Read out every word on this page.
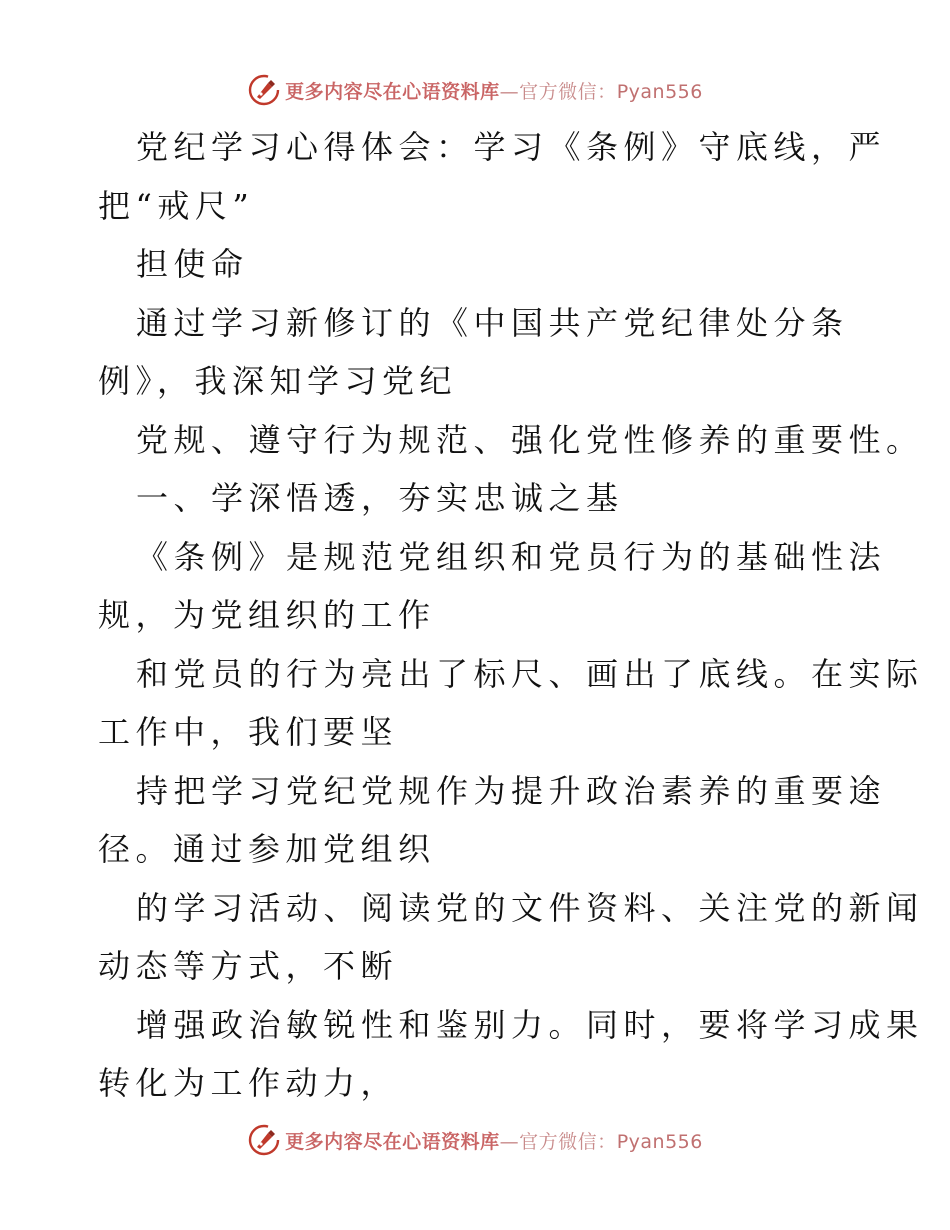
更多内容尽在心语资料库—官方微信：Pyan556
党纪学习心得体会：学习《条例》守底线，严
把“戒尺”
担使命
通过学习新修订的《中国共产党纪律处分条
例》，我深知学习党纪
党规、遵守行为规范、强化党性修养的重要性。
一、学深悟透，夯实忠诚之基
《条例》是规范党组织和党员行为的基础性法
规，为党组织的工作
和党员的行为亮出了标尺、画出了底线。在实际
工作中，我们要坚
持把学习党纪党规作为提升政治素养的重要途
径。通过参加党组织
的学习活动、阅读党的文件资料、关注党的新闻
动态等方式，不断
增强政治敏锐性和鉴别力。同时，要将学习成果
转化为工作动力，
更多内容尽在心语资料库—官方微信：Pyan556
